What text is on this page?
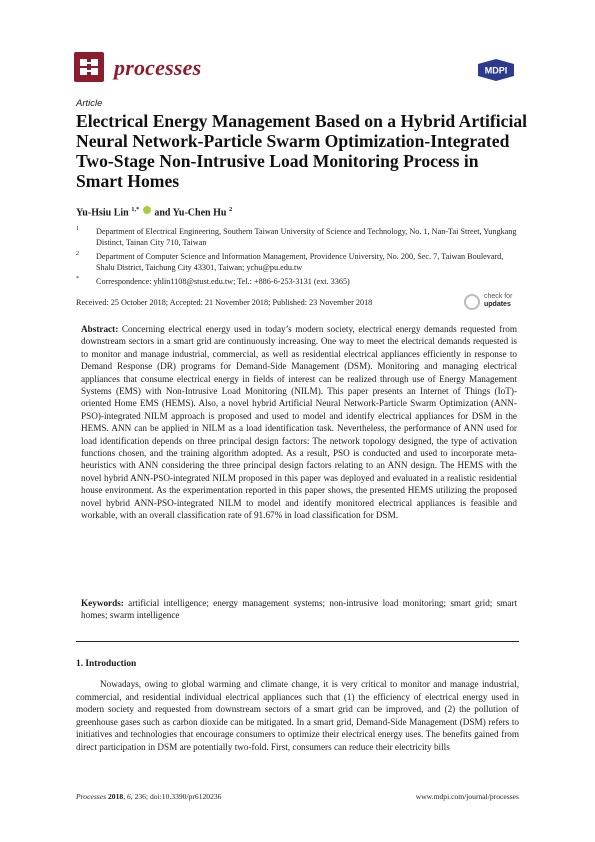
processes	MDPI
Article
Electrical Energy Management Based on a Hybrid Artificial Neural Network-Particle Swarm Optimization-Integrated Two-Stage Non-Intrusive Load Monitoring Process in Smart Homes
Yu-Hsiu Lin $^{1,*}$ and Yu-Chen Hu $^2$
1 Department of Electrical Engineering, Southern Taiwan University of Science and Technology, No. 1, Nan-Tai Street, Yungkang Distinct, Tainan City 710, Taiwan
2 Department of Computer Science and Information Management, Providence University, No. 200, Sec. 7, Taiwan Boulevard, Shalu District, Taichung City 43301, Taiwan; ychu@pu.edu.tw
* Correspondence: yhlin1108@stust.edu.tw; Tel.: +886-6-253-3131 (ext. 3365)
Received: 25 October 2018; Accepted: 21 November 2018; Published: 23 November 2018
check for
updates
Abstract: Concerning electrical energy used in today’s modern society, electrical energy demands requested from downstream sectors in a smart grid are continuously increasing. One way to meet the electrical demands requested is to monitor and manage industrial, commercial, as well as residential electrical appliances efficiently in response to Demand Response (DR) programs for Demand-Side Management (DSM). Monitoring and managing electrical appliances that consume electrical energy in fields of interest can be realized through use of Energy Management Systems (EMS) with Non-Intrusive Load Monitoring (NILM). This paper presents an Internet of Things (IoT)-oriented Home EMS (HEMS). Also, a novel hybrid Artificial Neural Network-Particle Swarm Optimization (ANN-PSO)-integrated NILM approach is proposed and used to model and identify electrical appliances for DSM in the HEMS. ANN can be applied in NILM as a load identification task. Nevertheless, the performance of ANN used for load identification depends on three principal design factors: The network topology designed, the type of activation functions chosen, and the training algorithm adopted. As a result, PSO is conducted and used to incorporate meta-heuristics with ANN considering the three principal design factors relating to an ANN design. The HEMS with the novel hybrid ANN-PSO-integrated NILM proposed in this paper was deployed and evaluated in a realistic residential house environment. As the experimentation reported in this paper shows, the presented HEMS utilizing the proposed novel hybrid ANN-PSO-integrated NILM to model and identify monitored electrical appliances is feasible and workable, with an overall classification rate of 91.67% in load classification for DSM.
Keywords: artificial intelligence; energy management systems; non-intrusive load monitoring; smart grid; smart homes; swarm intelligence
1. Introduction
Nowadays, owing to global warming and climate change, it is very critical to monitor and manage industrial, commercial, and residential individual electrical appliances such that (1) the efficiency of electrical energy used in modern society and requested from downstream sectors of a smart grid can be improved, and (2) the pollution of greenhouse gases such as carbon dioxide can be mitigated. In a smart grid, Demand-Side Management (DSM) refers to initiatives and technologies that encourage consumers to optimize their electrical energy uses. The benefits gained from direct participation in DSM are potentially two-fold. First, consumers can reduce their electricity bills
Processes 2018, 6, 236; doi:10.3390/pr6120236	www.mdpi.com/journal/processes
